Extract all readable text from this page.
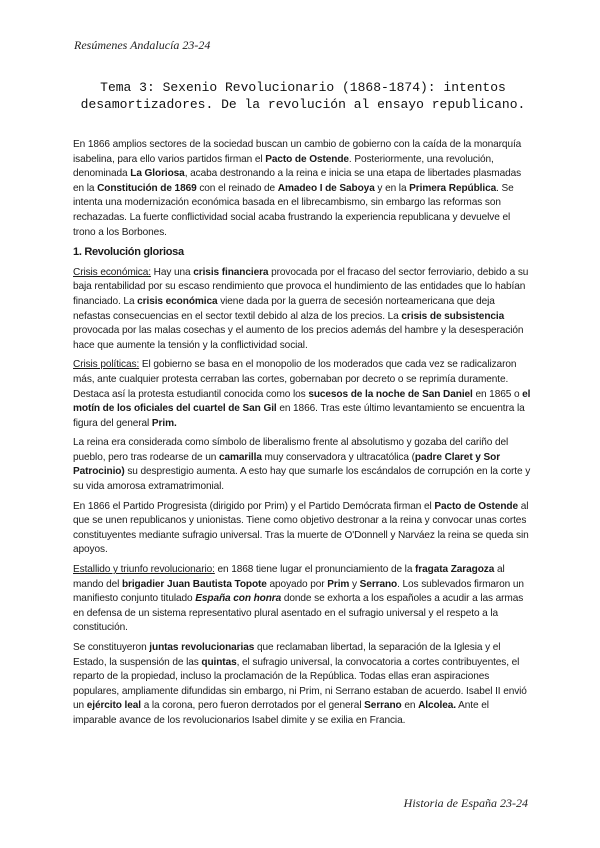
Resúmenes Andalucía 23-24
Tema 3: Sexenio Revolucionario (1868-1874): intentos desamortizadores. De la revolución al ensayo republicano.

En 1866 amplios sectores de la sociedad buscan un cambio de gobierno con la caída de la monarquía isabelina, para ello varios partidos firman el Pacto de Ostende. Posteriormente, una revolución, denominada La Gloriosa, acaba destronando a la reina e inicia se una etapa de libertades plasmadas en la Constitución de 1869 con el reinado de Amadeo I de Saboya y en la Primera República. Se intenta una modernización económica basada en el librecambismo, sin embargo las reformas son rechazadas. La fuerte conflictividad social acaba frustrando la experiencia republicana y devuelve el trono a los Borbones.

1. Revolución gloriosa

Crisis económica: Hay una crisis financiera provocada por el fracaso del sector ferroviario, debido a su baja rentabilidad por su escaso rendimiento que provoca el hundimiento de las entidades que lo habían financiado. La crisis económica viene dada por la guerra de secesión norteamericana que deja nefastas consecuencias en el sector textil debido al alza de los precios. La crisis de subsistencia provocada por las malas cosechas y el aumento de los precios además del hambre y la desesperación hace que aumente la tensión y la conflictividad social.

Crisis políticas: El gobierno se basa en el monopolio de los moderados que cada vez se radicalizaron más, ante cualquier protesta cerraban las cortes, gobernaban por decreto o se reprimía duramente. Destaca así la protesta estudiantil conocida como los sucesos de la noche de San Daniel en 1865 o el motín de los oficiales del cuartel de San Gil en 1866. Tras este último levantamiento se encuentra la figura del general Prim.

La reina era considerada como símbolo de liberalismo frente al absolutismo y gozaba del cariño del pueblo, pero tras rodearse de un camarilla muy conservadora y ultracatólica (padre Claret y Sor Patrocinio) su desprestigio aumenta. A esto hay que sumarle los escándalos de corrupción en la corte y su vida amorosa extramatrimonial.

En 1866 el Partido Progresista (dirigido por Prim) y el Partido Demócrata firman el Pacto de Ostende al que se unen republicanos y unionistas. Tiene como objetivo destronar a la reina y convocar unas cortes constituyentes mediante sufragio universal. Tras la muerte de O'Donnell y Narváez la reina se queda sin apoyos.

Estallido y triunfo revolucionario: en 1868 tiene lugar el pronunciamiento de la fragata Zaragoza al mando del brigadier Juan Bautista Topote apoyado por Prim y Serrano. Los sublevados firmaron un manifiesto conjunto titulado España con honra donde se exhorta a los españoles a acudir a las armas en defensa de un sistema representativo plural asentado en el sufragio universal y el respeto a la constitución.

Se constituyeron juntas revolucionarias que reclamaban libertad, la separación de la Iglesia y el Estado, la suspensión de las quintas, el sufragio universal, la convocatoria a cortes contribuyentes, el reparto de la propiedad, incluso la proclamación de la República. Todas ellas eran aspiraciones populares, ampliamente difundidas sin embargo, ni Prim, ni Serrano estaban de acuerdo. Isabel II envió un ejército leal a la corona, pero fueron derrotados por el general Serrano en Alcolea. Ante el imparable avance de los revolucionarios Isabel dimite y se exilia en Francia.

Historia de España 23-24
